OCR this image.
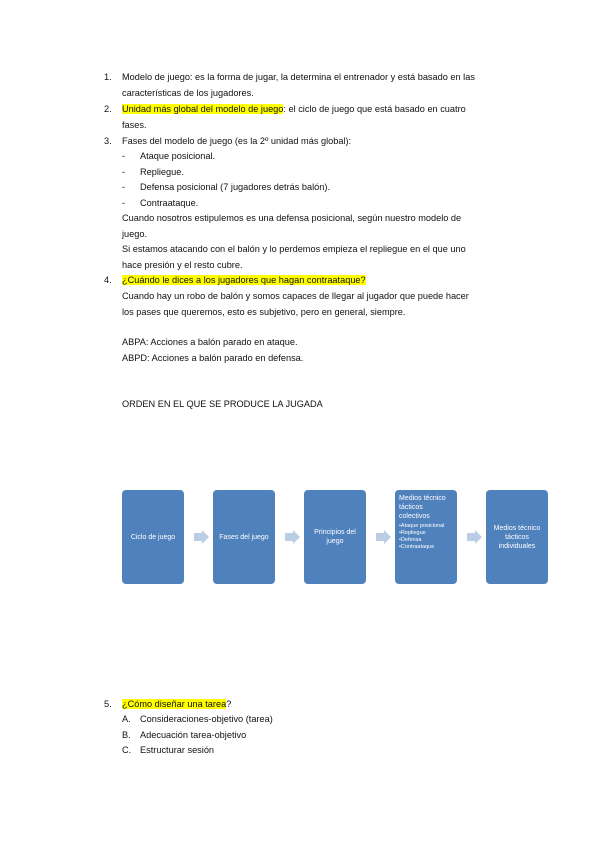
1.	Modelo de juego: es la forma de jugar, la determina el entrenador y está basado en las
características de los jugadores.
2.	Unidad más global del modelo de juego: el ciclo de juego que está basado en cuatro
fases.
3.	Fases del modelo de juego (es la 2º unidad más global):
- Ataque posicional.
- Repliegue.
- Defensa posicional (7 jugadores detrás balón).
- Contraataque.
Cuando nosotros estipulemos es una defensa posicional, según nuestro modelo de
juego.
Si estamos atacando con el balón y lo perdemos empieza el repliegue en el que uno
hace presión y el resto cubre.
4.	¿Cuándo le dices a los jugadores que hagan contraataque?
Cuando hay un robo de balón y somos capaces de llegar al jugador que puede hacer
los pases que queremos, esto es subjetivo, pero en general, siempre.
ABPA: Acciones a balón parado en ataque.
ABPD: Acciones a balón parado en defensa.
ORDEN EN EL QUE SE PRODUCE LA JUGADA
Ciclo de juego	Fases del juego
Principios del juego
Medios técnico tácticos colectivos
•Ataque posicional
•Repliegue
•Defensa
•Contraataque
Medios técnico tácticos individuales
5.	¿Cómo diseñar una tarea?
A. Consideraciones-objetivo (tarea)
B. Adecuación tarea-objetivo
C. Estructurar sesión
